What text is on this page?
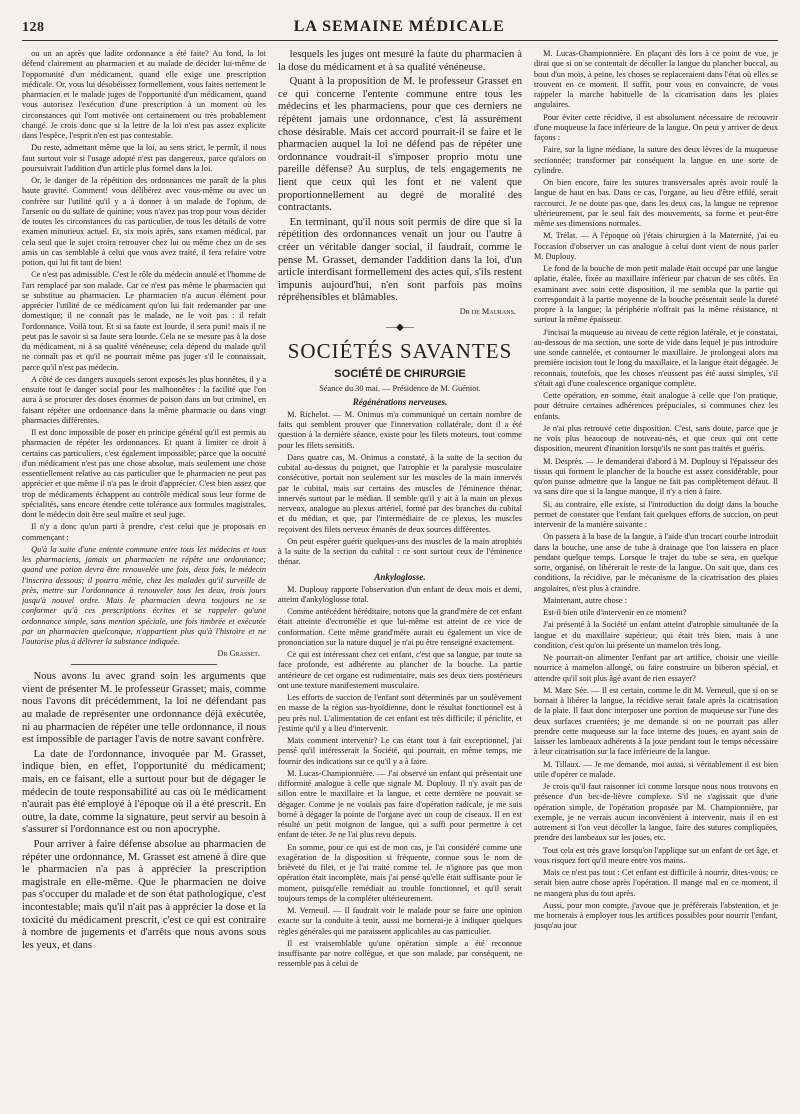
128	LA SEMAINE MÉDICALE

ou un an après que ladite ordonnance a été faite? Au fond, la loi défend clairement au pharmacien et au malade de décider lui-même de l'opportunité d'un médicament, quand elle exige une prescription médicale. Or, vous lui désobéissez formellement, vous faites nettement le pharmacien et le malade juges de l'opportunité d'un médicament, quand vous autorisez l'exécution d'une prescription à un moment où les circonstances qui l'ont motivée ont certainement ou très probablement changé. Je crois donc que si la lettre de la loi n'est pas assez explicite dans l'espèce, l'esprit n'en est pas contestable.

Du reste, admettant même que la loi, au sens strict, le permît, il nous faut surtout voir si l'usage adopté n'est pas dangereux, parce qu'alors on poursuivrait l'addition d'un article plus formel dans la loi.

Or, le danger de la répétition des ordonnances me paraît de la plus haute gravité. Comment! vous délibérez avec vous-même ou avec un confrère sur l'utilité qu'il y a à donner à un malade de l'opium, de l'arsenic ou du sulfate de quinine; vous n'avez pas trop pour vous décider de toutes les circonstances du cas particulier, de tous les détails de votre examen minutieux actuel. Et, six mois après, sans examen médical, par cela seul que le sujet croira retrouver chez lui ou même chez un de ses amis un cas semblable à celui que vous avez traité, il fera refaire votre potion, qui lui fit tant de bien!

Ce n'est pas admissible. C'est le rôle du médecin annulé et l'homme de l'art remplacé par son malade. Car ce n'est pas même le pharmacien qui se substitue au pharmacien. Le pharmacien n'a aucun élément pour apprécier l'utilité de ce médicament qu'on lui fait redemander par une domestique; il ne connaît pas le malade, ne le voit pas : il refait l'ordonnance. Voilà tout. Et si sa faute est lourde, il sera puni! mais il ne peut pas le savoir si sa faute sera lourde. Cela ne se mesure pas à la dose du médicament, ni à sa qualité vénéneuse; cela dépend du malade qu'il ne connaît pas et qu'il ne pourrait même pas juger s'il le connaissait, parce qu'il n'est pas médecin.

A côté de ces dangers auxquels seront exposés les plus honnêtes, il y a ensuite tout le danger social pour les malhonnêtes : la facilité que l'on aura à se procurer des doses énormes de poison dans un but criminel, en faisant répéter une ordonnance dans la même pharmacie ou dans vingt pharmacies différentes.

Il est donc impossible de poser en principe général qu'il est permis au pharmacien de répéter les ordonnances. Et quant à limiter ce droit à certains cas particuliers, c'est également impossible; parce que la nocuité d'un médicament n'est pas une chose absolue, mais seulement une chose essentiellement relative au cas particulier que le pharmacien ne peut pas apprécier et que même il n'a pas le droit d'apprécier. C'est bien assez que trop de médicaments échappent au contrôle médical sous leur forme de spécialités, sans encore étendre cette tolérance aux formules magistrales, dont le médecin doit être seul maître et seul juge.

Il n'y a donc qu'un parti à prendre, c'est celui que je proposais en commençant :

Qu'à la suite d'une entente commune entre tous les médecins et tous les pharmaciens, jamais un pharmacien ne répète une ordonnance; quand une potion devra être renouvelée une fois, deux fois, le médecin l'inscrira dessous; il pourra même, chez les malades qu'il surveille de près, mettre sur l'ordonnance à renouveler tous les deux, trois jours jusqu'à nouvel ordre. Mais le pharmacien devra toujours ne se conformer qu'à ces prescriptions écrites et se rappeler qu'une ordonnance simple, sans mention spéciale, une fois timbrée et exécutée par un pharmacien quelconque, n'appartient plus qu'à l'histoire et ne l'autorise plus à délivrer la substance indiquée.

Dr Grasset.

Nous avons lu avec grand soin les arguments que vient de présenter M. le professeur Grasset; mais, comme nous l'avons dit précédemment, la loi ne défendant pas au malade de représenter une ordonnance déjà exécutée, ni au pharmacien de répéter une telle ordonnance, il nous est impossible de partager l'avis de notre savant confrère.

La date de l'ordonnance, invoquée par M. Grasset, indique bien, en effet, l'opportunité du médicament; mais, en ce faisant, elle a surtout pour but de dégager le médecin de toute responsabilité au cas où le médicament n'aurait pas été employé à l'époque où il a été prescrit. En outre, la date, comme la signature, peut servir au besoin à s'assurer si l'ordonnance est ou non apocryphe.

Pour arriver à faire défense absolue au pharmacien de répéter une ordonnance, M. Grasset est amené à dire que le pharmacien n'a pas à apprécier la prescription magistrale en elle-même. Que le pharmacien ne doive pas s'occuper du malade et de son état pathologique, c'est incontestable; mais qu'il n'ait pas à apprécier la dose et la toxicité du médicament prescrit, c'est ce qui est contraire à nombre de jugements et d'arrêts que nous avons sous les yeux, et dans

lesquels les juges ont mesuré la faute du pharmacien à la dose du médicament et à sa qualité vénéneuse.

Quant à la proposition de M. le professeur Grasset en ce qui concerne l'entente commune entre tous les médecins et les pharmaciens, pour que ces derniers ne répètent jamais une ordonnance, c'est là assurément chose désirable. Mais cet accord pourrait-il se faire et le pharmacien auquel la loi ne défend pas de répéter une ordonnance voudrait-il s'imposer proprio motu une pareille défense? Au surplus, de tels engagements ne lient que ceux qui les font et ne valent que proportionnellement au degré de moralité des contractants.

En terminant, qu'il nous soit permis de dire que si la répétition des ordonnances venait un jour ou l'autre à créer un véritable danger social, il faudrait, comme le pense M. Grasset, demander l'addition dans la loi, d'un article interdisant formellement des actes qui, s'ils restent impunis aujourd'hui, n'en sont parfois pas moins répréhensibles et blâmables.

Dr de Maurans.
—◆—
SOCIÉTÉS SAVANTES
SOCIÉTÉ DE CHIRURGIE
Séance du 30 mai. — Présidence de M. Guéniot.
Régénérations nerveuses.

M. Richelot. — M. Onimus m'a communiqué un certain nombre de faits qui semblent prouver que l'innervation collatérale, dont il a été question à la dernière séance, existe pour les filets moteurs, tout comme pour les filets sensitifs.

Dans quatre cas, M. Onimus a constaté, à la suite de la section du cubital au-dessus du poignet, que l'atrophie et la paralysie musculaire consécutive, portait non seulement sur les muscles de la main innervés par le cubital, mais sur certains des muscles de l'éminence thénar, innervés surtout par le médian. Il semble qu'il y ait à la main un plexus nerveux, analogue au plexus artériel, formé par des branches du cubital et du médian, et que, par l'intermédiaire de ce plexus, les muscles reçoivent des filets nerveux émanés de deux sources différentes.

On peut espérer guérir quelques-uns des muscles de la main atrophiés à la suite de la section du cubital : ce sont surtout ceux de l'éminence thénar.

Ankyloglosse.

M. Duplouy rapporte l'observation d'un enfant de deux mois et demi, atteint d'ankyloglosse total.

Comme antécédent héréditaire, notons que la grand'mère de cet enfant était atteinte d'ectromélie et que lui-même est atteint de ce vice de conformation. Cette même grand'mère aurait eu également un vice de prononciation sur la nature duquel je n'ai pu être renseigné exactement.

Ce qui est intéressant chez cet enfant, c'est que sa langue, par toute sa face profonde, est adhérente au plancher de la bouche. La partie antérieure de cet organe est rudimentaire, mais ses deux tiers postérieurs ont une texture manifestement musculaire.

Les efforts de succion de l'enfant sont déterminés par un soulèvement en masse de la région sus-hyoïdienne, dont le résultat fonctionnel est à peu près nul. L'alimentation de cet enfant est très difficile; il périclite, et j'estime qu'il y a lieu d'intervenir.

Mais comment intervenir? Le cas étant tout à fait exceptionnel, j'ai pensé qu'il intéresserait la Société, qui pourrait, en même temps, me fournir des indications sur ce qu'il y a à faire.

M. Lucas-Championnière. — J'ai observé un enfant qui présentait une difformité analogue à celle que signale M. Duplouy. Il n'y avait pas de sillon entre le maxillaire et la langue, et cette dernière ne pouvait se dégager. Comme je ne voulais pas faire d'opération radicale, je me suis borné à dégager la pointe de l'organe avec un coup de ciseaux. Il en est résulté un petit moignon de langue, qui a suffi pour permettre à cet enfant de téter. Je ne l'ai plus revu depuis.

En somme, pour ce qui est de mon cas, je l'ai considéré comme une exagération de la disposition si fréquente, connue sous le nom de brièveté du filet, et je l'ai traité comme tel. Je n'ignore pas que mon opération était incomplète, mais j'ai pensé qu'elle était suffisante pour le moment, puisqu'elle remédiait au trouble fonctionnel, et qu'il serait toujours temps de la compléter ultérieurement.

M. Verneuil. — Il faudrait voir le malade pour se faire une opinion exacte sur la conduite à tenir, aussi me bornerai-je à indiquer quelques règles générales qui me paraissent applicables au cas particulier.

Il est vraisemblable qu'une opération simple a été reconnue insuffisante par notre collègue, et que son malade, par conséquent, ne ressemble pas à celui de

M. Lucas-Championnière. En plaçant dès lors à ce point de vue, je dirai que si on se contentait de décoller la langue du plancher buccal, au bout d'un mois, à peine, les choses se replaceraient dans l'état où elles se trouvent en ce moment. Il suffit, pour vous en convaincre, de vous rappeler la marche habituelle de la cicatrisation dans les plaies angulaires.

Pour éviter cette récidive, il est absolument nécessaire de recouvrir d'une muqueuse la face inférieure de la langue. On peut y arriver de deux façons :

Faire, sur la ligne médiane, la suture des deux lèvres de la muqueuse sectionnée; transformer par conséquent la langue en une sorte de cylindre.

On bien encore, faire les sutures transversales après avoir roulé la langue de haut en bas. Dans ce cas, l'organe, au lieu d'être effilé, serait raccourci. Je ne doute pas que, dans les deux cas, la langue ne reprenne ultérieurement, par le seul fait des mouvements, sa forme et peut-être même ses dimensions normales.

M. Trélat. — A l'époque où j'étais chirurgien à la Maternité, j'ai eu l'occasion d'observer un cas analogue à celui dont vient de nous parler M. Duplouy.

Le fond de la bouche de mon petit malade était occupé par une langue aplatie, étalée, fixée au maxillaire inférieur par chacun de ses côtés. En examinant avec soin cette disposition, il me sembla que la partie qui correspondait à la partie moyenne de la bouche présentait seule la dureté propre à la langue; la périphérie n'offrait pas la même résistance, ni surtout la même épaisseur.

J'incisai la muqueuse au niveau de cette région latérale, et je constatai, au-dessous de ma section, une sorte de vide dans lequel je pus introduire une sonde cannelée, et contourner le maxillaire. Je prolongeai alors ma première incision tout le long du maxillaire, et la langue était dégagée. Je reconnais, toutefois, que les choses n'eussent pas été aussi simples, s'il s'était agi d'une coalescence organique complète.

Cette opération, en somme, était analogue à celle que l'on pratique, pour détruire certaines adhérences prépuciales, si communes chez les enfants.

Je n'ai plus retrouvé cette disposition. C'est, sans doute, parce que je ne vois plus beaucoup de nouveau-nés, et que ceux qui ont cette disposition, meurent d'inanition lorsqu'ils ne sont pas traités et guéris.

M. Desprès. — Je demanderai d'abord à M. Duplouy si l'épaisseur des tissus qui forment le plancher de la bouche est assez considérable, pour qu'on puisse admettre que la langue ne fait pas complètement défaut. Il va sans dire que si la langue manque, il n'y a rien à faire.

Si, au contraire, elle existe, si l'introduction du doigt dans la bouche permet de constater que l'enfant fait quelques efforts de succion, on peut intervenir de la manière suivante :

On passera à la base de la langue, à l'aide d'un trocart courbe introduit dans la bouche, une anse de tube à drainage que l'on laissera en place pendant quelque temps. Lorsque le trajet du tube se sera, en quelque sorte, organisé, on libérerait le reste de la langue. On sait que, dans ces conditions, la récidive, par le mécanisme de la cicatrisation des plaies angulaires, n'est plus à craindre.

Maintenant, autre chose :

Est-il bien utile d'intervenir en ce moment?

J'ai présenté à la Société un enfant atteint d'atrophie simultanée de la langue et du maxillaire supérieur, qui était très bien, mais à une condition, c'est qu'on lui présente un mamelon très long.

Ne pourrait-on alimenter l'enfant par art artifice, choisir une vieille nourrice à mamelon allongé, ou faire construire un biberon spécial, et attendre qu'il soit plus âgé avant de rien essayer?

M. Marc Sée. — Il est certain, comme le dit M. Verneuil, que si on se bornait à libérer la langue, la récidive serait fatale après la cicatrisation de la plaie. Il faut donc interposer une portion de muqueuse sur l'une des deux surfaces cruentées; je me demande si on ne pourrait pas aller prendre cette muqueuse sur la face interne des joues, en ayant soin de laisser les lambeaux adhérents à la joue pendant tout le temps nécessaire à leur cicatrisation sur la face inférieure de la langue.

M. Tillaux. — Je me demande, moi aussi, si véritablement il est bien utile d'opérer ce malade.

Je crois qu'il faut raisonner ici comme lorsque nous nous trouvons en présence d'un bec-de-lièvre complexe. S'il ne s'agissait que d'une opération simple, de l'opération proposée par M. Championnière, par exemple, je ne verrais aucun inconvénient à intervenir, mais il en est autrement si l'on veut décoller la langue, faire des sutures compliquées, prendre des lambeaux sur les joues, etc.

Tout cela est très grave lorsqu'on l'applique sur un enfant de cet âge, et vous risquez fort qu'il meure entre vos mains.

Mais ce n'est pas tout : Cet enfant est difficile à nourrir, dites-vous; ce serait bien autre chose après l'opération. Il mange mal en ce moment, il ne mangera plus du tout après.

Aussi, pour mon compte, j'avoue que je préférerais l'abstention, et je me bornerais à employer tous les artifices possibles pour nourrir l'enfant, jusqu'au jour
